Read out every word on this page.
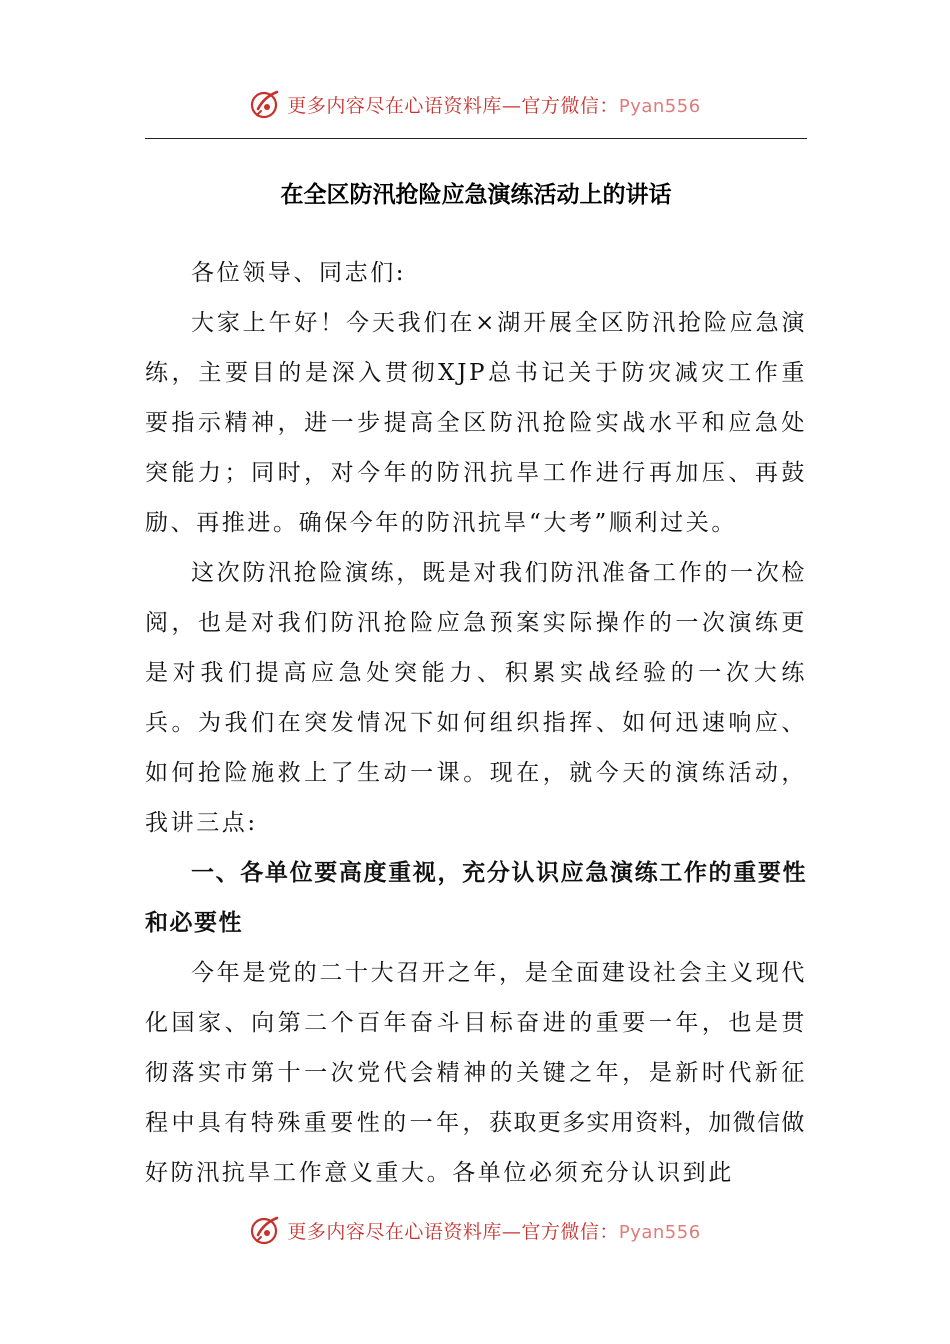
更多内容尽在心语资料库—官方微信：Pyan556
在全区防汛抢险应急演练活动上的讲话

各位领导、同志们:

大家上午好！今天我们在×湖开展全区防汛抢险应急演练，主要目的是深入贯彻XJP总书记关于防灾减灾工作重要指示精神，进一步提高全区防汛抢险实战水平和应急处突能力；同时，对今年的防汛抗旱工作进行再加压、再鼓励、再推进。确保今年的防汛抗旱“大考”顺利过关。

这次防汛抢险演练，既是对我们防汛准备工作的一次检阅，也是对我们防汛抢险应急预案实际操作的一次演练更是对我们提高应急处突能力、积累实战经验的一次大练兵。为我们在突发情况下如何组织指挥、如何迅速响应、如何抢险施救上了生动一课。现在，就今天的演练活动，我讲三点:

一、各单位要高度重视，充分认识应急演练工作的重要性和必要性

今年是党的二十大召开之年，是全面建设社会主义现代化国家、向第二个百年奋斗目标奋进的重要一年，也是贯彻落实市第十一次党代会精神的关键之年，是新时代新征程中具有特殊重要性的一年，获取更多实用资料，加微信做好防汛抗旱工作意义重大。各单位必须充分认识到此

更多内容尽在心语资料库—官方微信：Pyan556
